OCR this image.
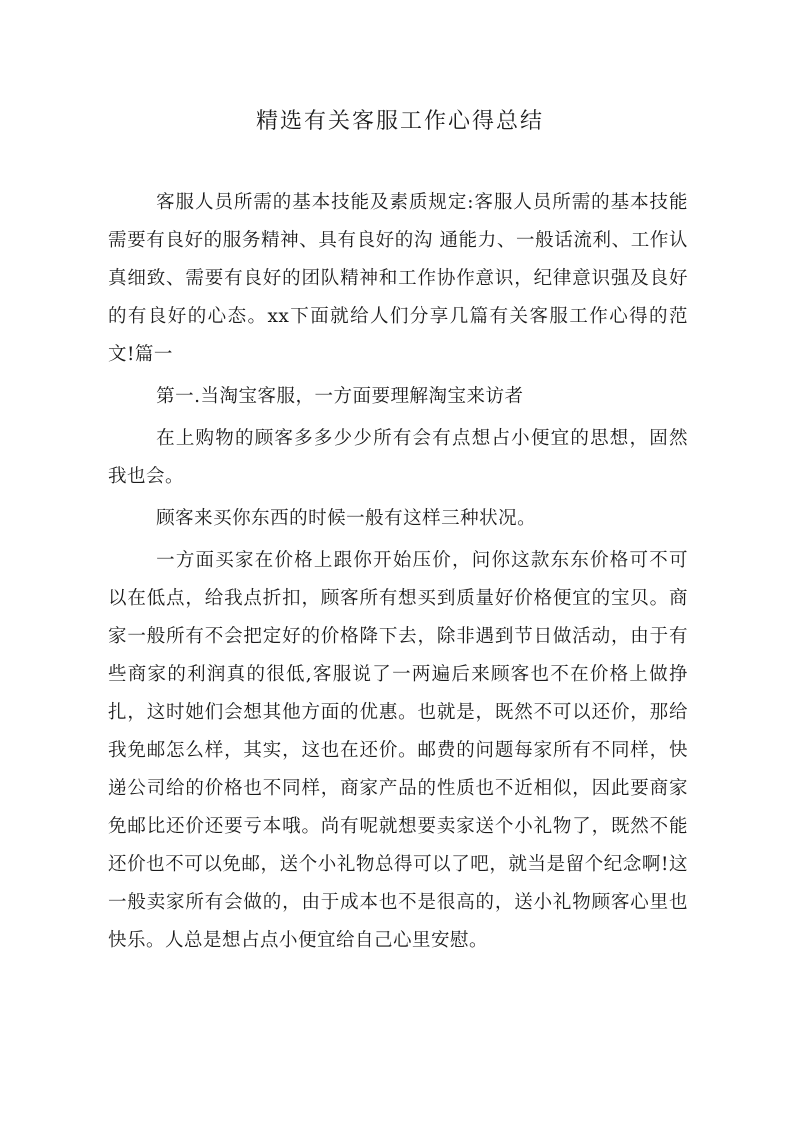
精选有关客服工作心得总结

客服人员所需的基本技能及素质规定:客服人员所需的基本技能需要有良好的服务精神、具有良好的沟 通能力、一般话流利、工作认真细致、需要有良好的团队精神和工作协作意识，纪律意识强及良好的有良好的心态。xx下面就给人们分享几篇有关客服工作心得的范文!篇一

第一.当淘宝客服，一方面要理解淘宝来访者

在上购物的顾客多多少少所有会有点想占小便宜的思想，固然我也会。

顾客来买你东西的时候一般有这样三种状况。

一方面买家在价格上跟你开始压价，问你这款东东价格可不可以在低点，给我点折扣，顾客所有想买到质量好价格便宜的宝贝。商家一般所有不会把定好的价格降下去，除非遇到节日做活动，由于有些商家的利润真的很低,客服说了一两遍后来顾客也不在价格上做挣扎，这时她们会想其他方面的优惠。也就是，既然不可以还价，那给我免邮怎么样，其实，这也在还价。邮费的问题每家所有不同样，快递公司给的价格也不同样，商家产品的性质也不近相似，因此要商家免邮比还价还要亏本哦。尚有呢就想要卖家送个小礼物了，既然不能还价也不可以免邮，送个小礼物总得可以了吧，就当是留个纪念啊!这一般卖家所有会做的，由于成本也不是很高的，送小礼物顾客心里也快乐。人总是想占点小便宜给自己心里安慰。
